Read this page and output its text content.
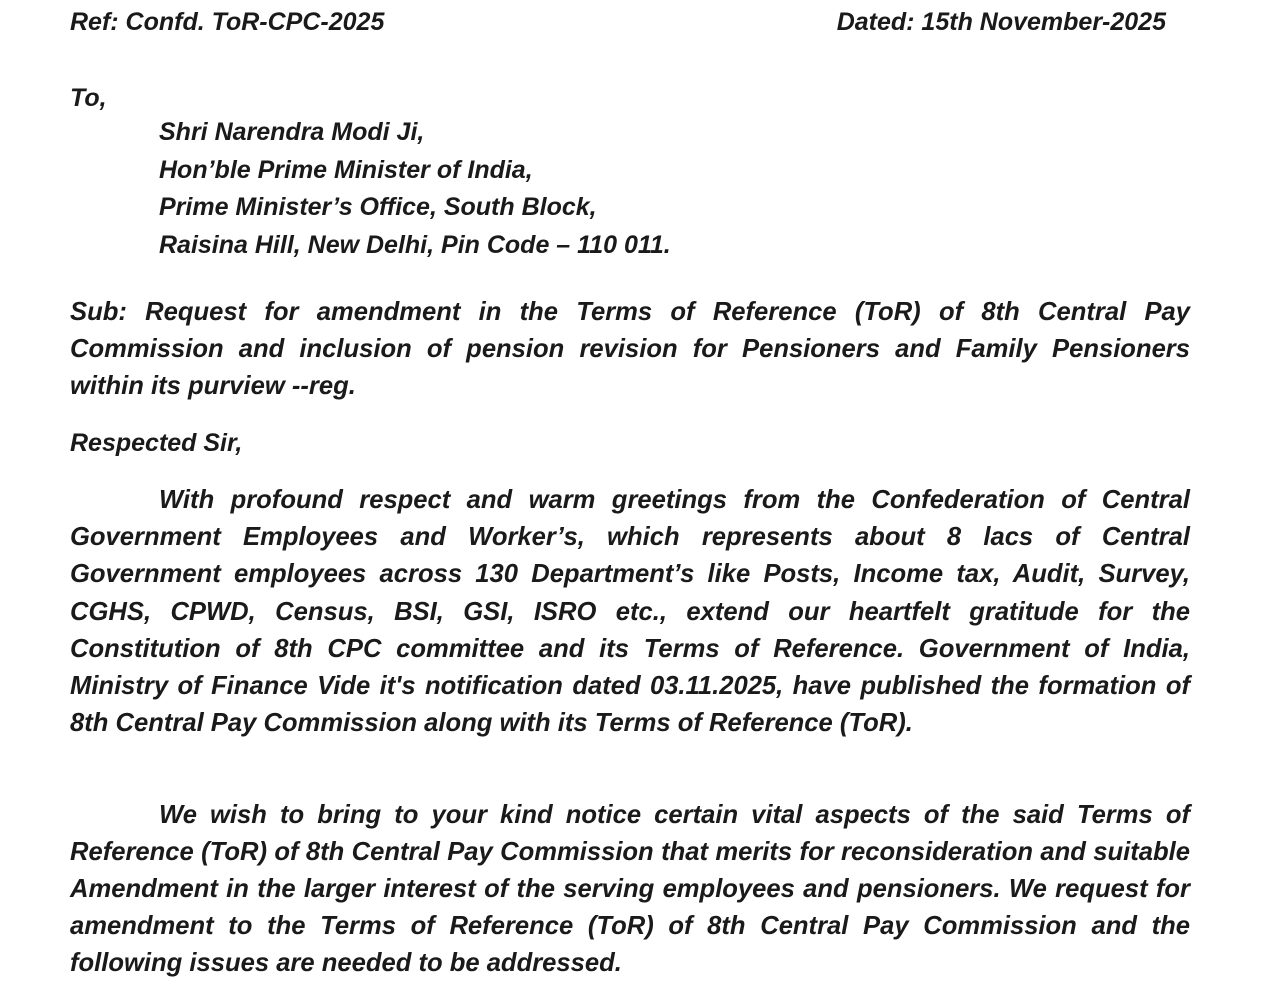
Ref: Confd. ToR-CPC-2025	Dated: 15th November-2025
To,
Shri Narendra Modi Ji,
Hon’ble Prime Minister of India,
Prime Minister’s Office, South Block,
Raisina Hill, New Delhi, Pin Code – 110 011.
Sub: Request for amendment in the Terms of Reference (ToR) of 8th Central Pay Commission and inclusion of pension revision for Pensioners and Family Pensioners within its purview --reg.
Respected Sir,
With profound respect and warm greetings from the Confederation of Central Government Employees and Worker’s, which represents about 8 lacs of Central Government employees across 130 Department’s like Posts, Income tax, Audit, Survey, CGHS, CPWD, Census, BSI, GSI, ISRO etc., extend our heartfelt gratitude for the Constitution of 8th CPC committee and its Terms of Reference. Government of India, Ministry of Finance Vide it's notification dated 03.11.2025, have published the formation of 8th Central Pay Commission along with its Terms of Reference (ToR).
We wish to bring to your kind notice certain vital aspects of the said Terms of Reference (ToR) of 8th Central Pay Commission that merits for reconsideration and suitable Amendment in the larger interest of the serving employees and pensioners. We request for amendment to the Terms of Reference (ToR) of 8th Central Pay Commission and the following issues are needed to be addressed.
